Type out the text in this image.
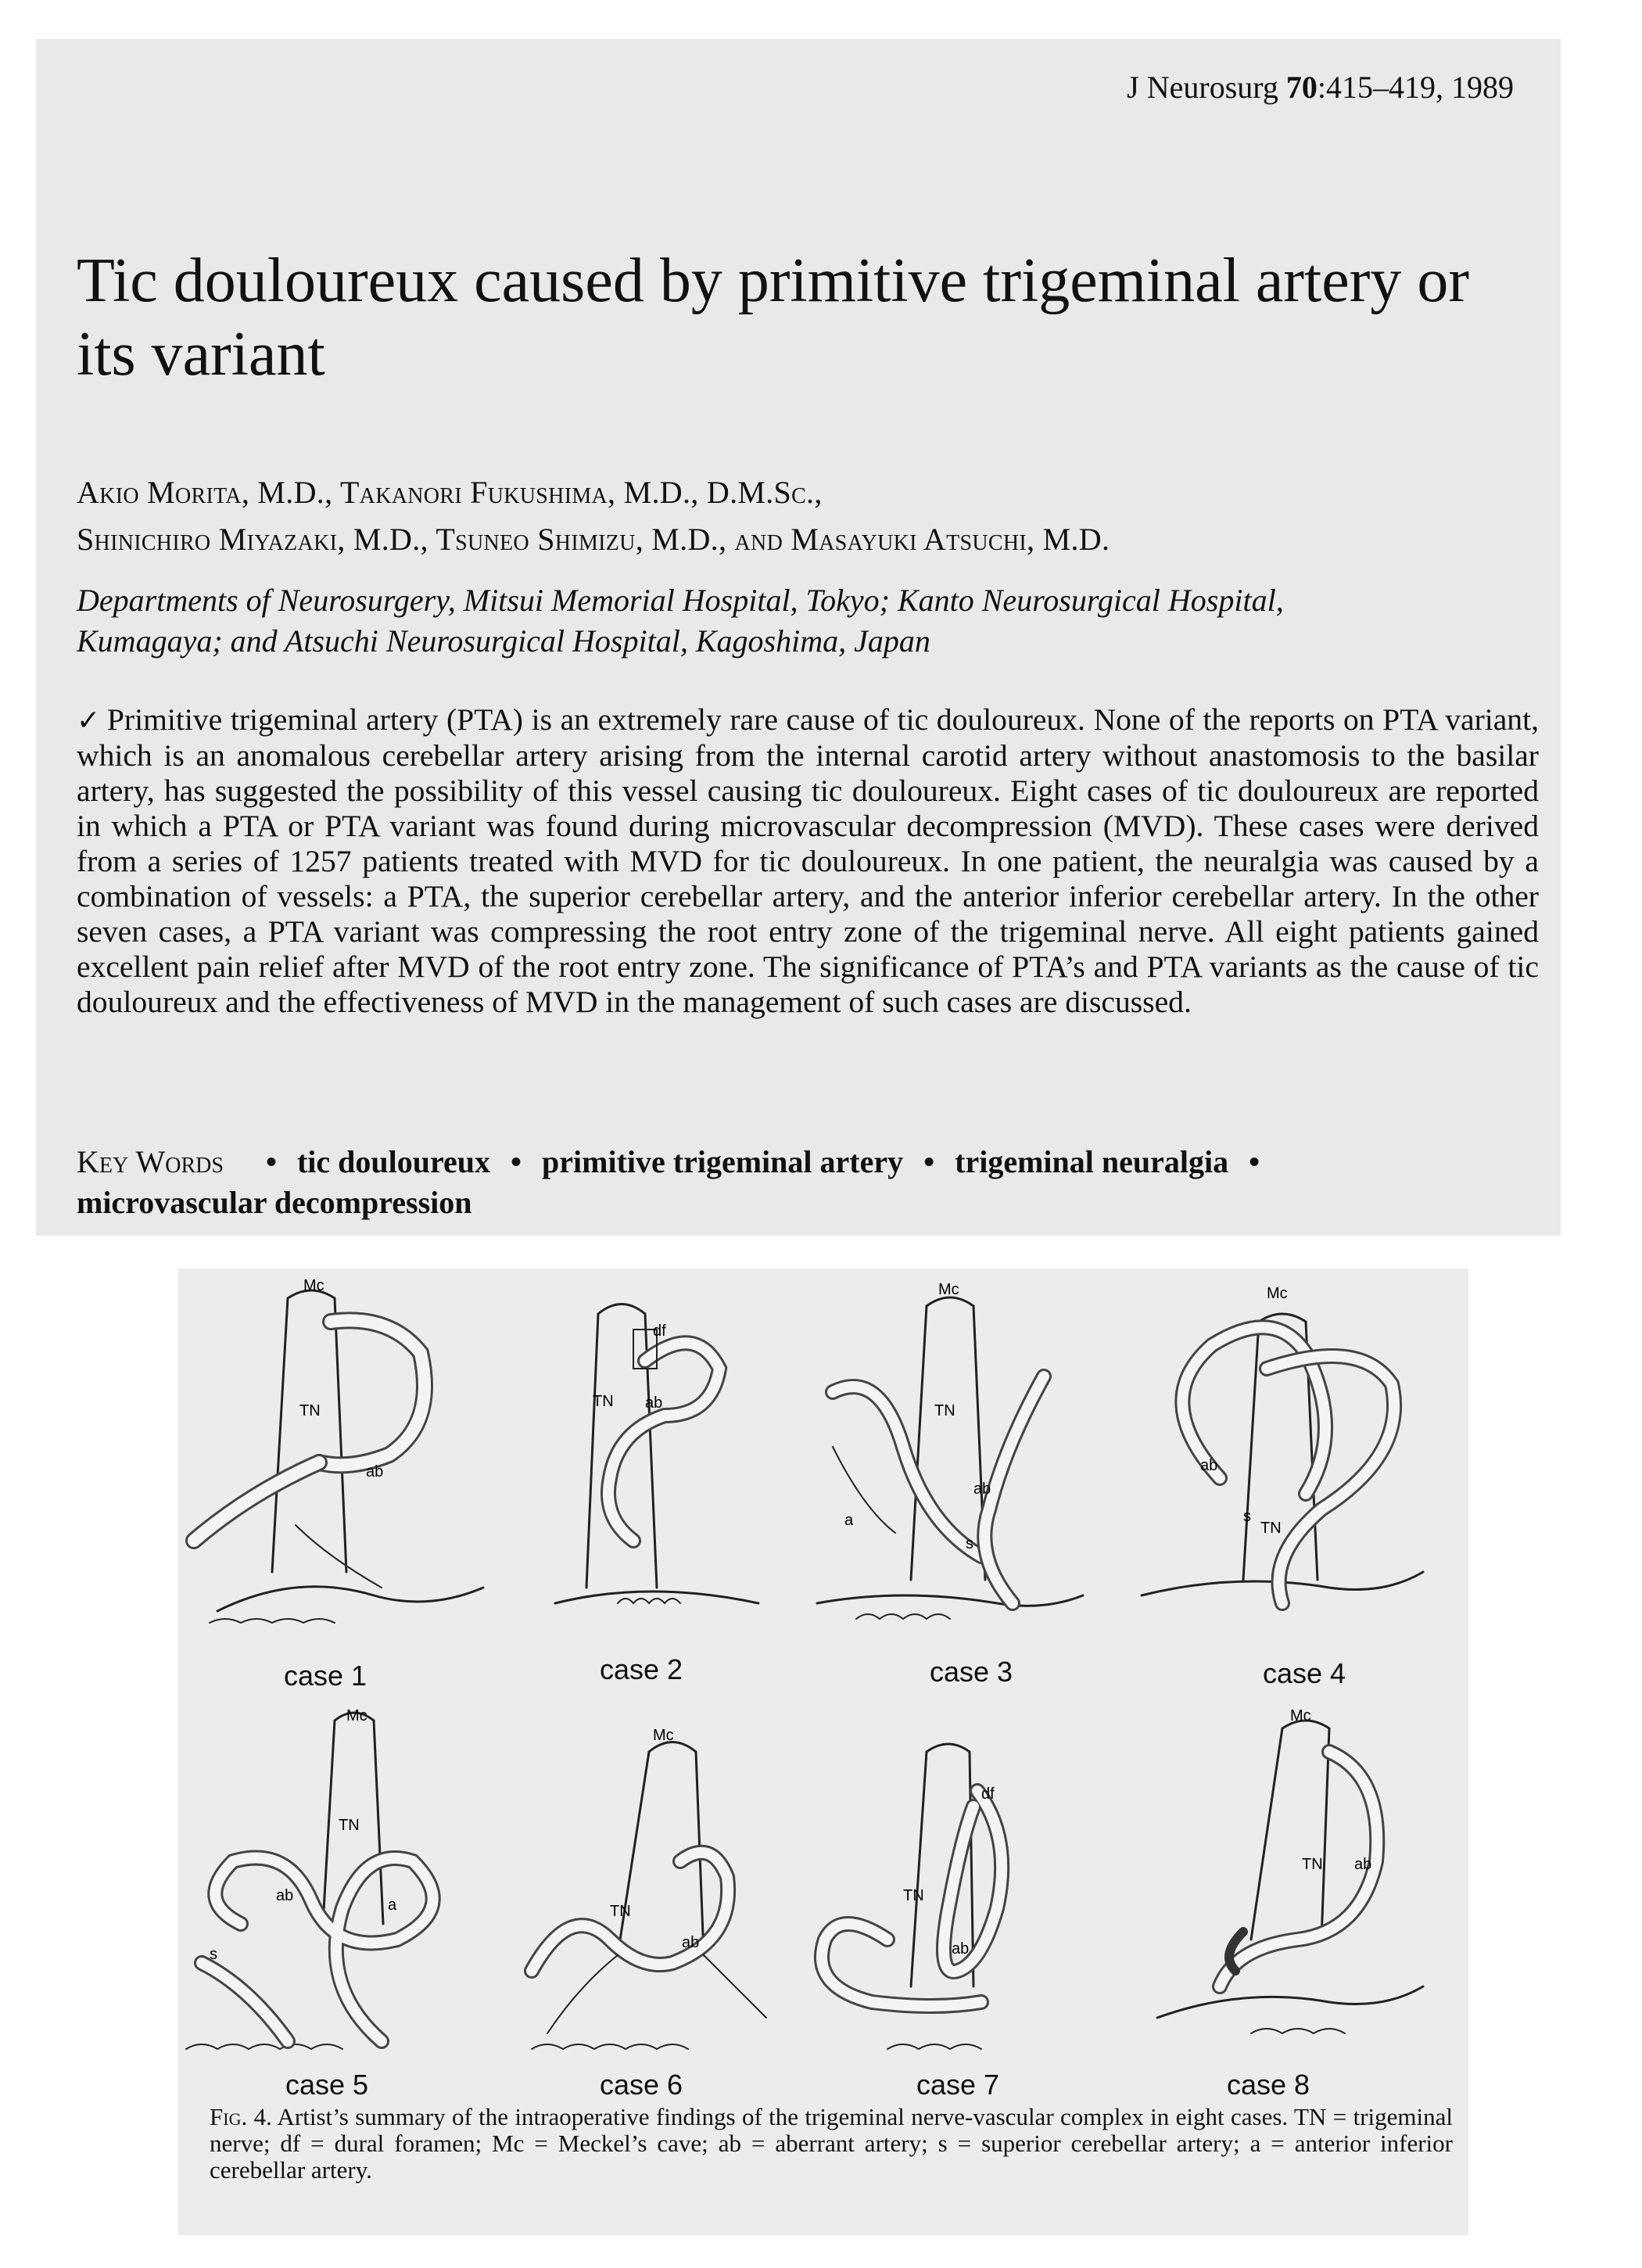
J Neurosurg 70:415–419, 1989
Tic douloureux caused by primitive trigeminal artery or
its variant
Akio Morita, M.D., Takanori Fukushima, M.D., D.M.Sc.,
Shinichiro Miyazaki, M.D., Tsuneo Shimizu, M.D., and Masayuki Atsuchi, M.D.
Departments of Neurosurgery, Mitsui Memorial Hospital, Tokyo; Kanto Neurosurgical Hospital,
Kumagaya; and Atsuchi Neurosurgical Hospital, Kagoshima, Japan
✓ Primitive trigeminal artery (PTA) is an extremely rare cause of tic douloureux. None of the reports on PTA variant, which is an anomalous cerebellar artery arising from the internal carotid artery without anastomosis to the basilar artery, has suggested the possibility of this vessel causing tic douloureux. Eight cases of tic douloureux are reported in which a PTA or PTA variant was found during microvascular decompression (MVD). These cases were derived from a series of 1257 patients treated with MVD for tic douloureux. In one patient, the neuralgia was caused by a combination of vessels: a PTA, the superior cerebellar artery, and the anterior inferior cerebellar artery. In the other seven cases, a PTA variant was compressing the root entry zone of the trigeminal nerve. All eight patients gained excellent pain relief after MVD of the root entry zone. The significance of PTA’s and PTA variants as the cause of tic douloureux and the effectiveness of MVD in the management of such cases are discussed.
Key Words • tic douloureux • primitive trigeminal artery • trigeminal neuralgia •
microvascular decompression
Mc
TN
ab
df
TN ab
Mc
TN
ab
a
s
Mc
ab
s
TN
case 1	case 2	case 3	case 4
Mc
TN
ab
a
s
Mc
TN
ab
df
TN
ab
Mc
TN ab
case 5	case 6	case 7	case 8
Fig. 4. Artist’s summary of the intraoperative findings of the trigeminal nerve-vascular complex in eight cases. TN = trigeminal nerve; df = dural foramen; Mc = Meckel’s cave; ab = aberrant artery; s = superior cerebellar artery; a = anterior inferior cerebellar artery.
